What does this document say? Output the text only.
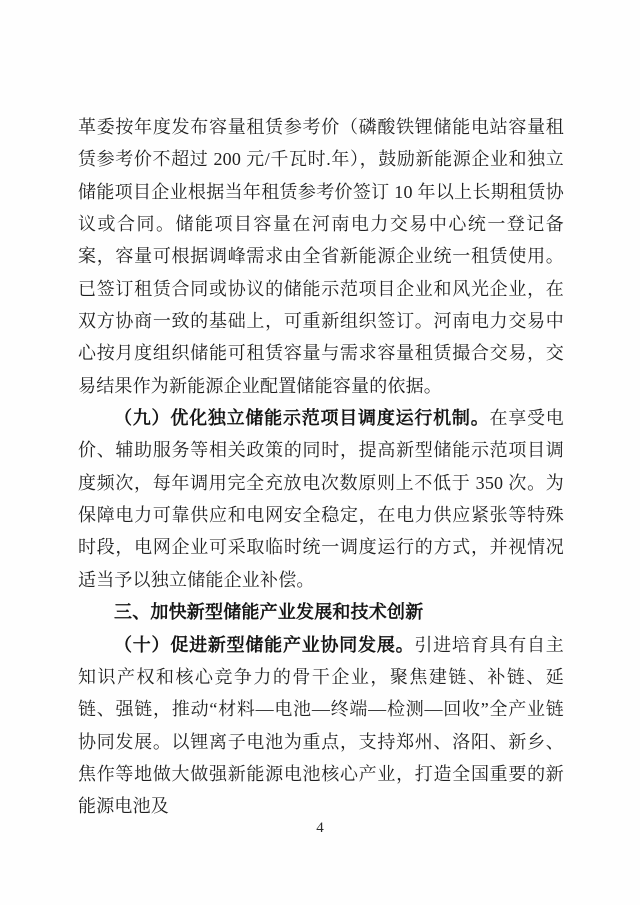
革委按年度发布容量租赁参考价（磷酸铁锂储能电站容量租赁参考价不超过 200 元/千瓦时.年），鼓励新能源企业和独立储能项目企业根据当年租赁参考价签订 10 年以上长期租赁协议或合同。储能项目容量在河南电力交易中心统一登记备案，容量可根据调峰需求由全省新能源企业统一租赁使用。已签订租赁合同或协议的储能示范项目企业和风光企业，在双方协商一致的基础上，可重新组织签订。河南电力交易中心按月度组织储能可租赁容量与需求容量租赁撮合交易，交易结果作为新能源企业配置储能容量的依据。

（九）优化独立储能示范项目调度运行机制。在享受电价、辅助服务等相关政策的同时，提高新型储能示范项目调度频次，每年调用完全充放电次数原则上不低于 350 次。为保障电力可靠供应和电网安全稳定，在电力供应紧张等特殊时段，电网企业可采取临时统一调度运行的方式，并视情况适当予以独立储能企业补偿。

三、加快新型储能产业发展和技术创新

（十）促进新型储能产业协同发展。引进培育具有自主知识产权和核心竞争力的骨干企业，聚焦建链、补链、延链、强链，推动“材料—电池—终端—检测—回收”全产业链协同发展。以锂离子电池为重点，支持郑州、洛阳、新乡、焦作等地做大做强新能源电池核心产业，打造全国重要的新能源电池及

4
